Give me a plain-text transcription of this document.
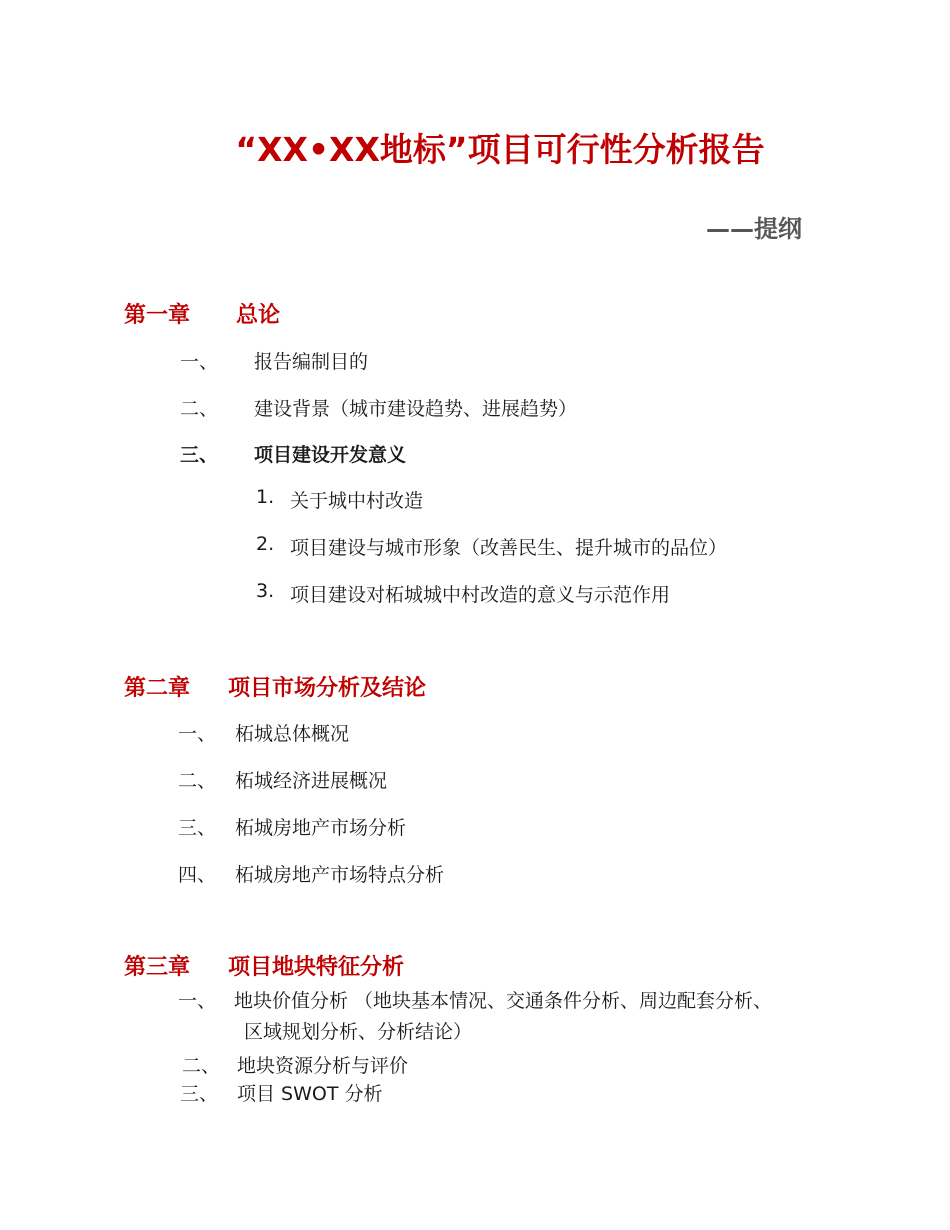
“XX•XX地标”项目可行性分析报告
——提纲
第一章 总论
一、 报告编制目的
二、 建设背景（城市建设趋势、进展趋势）
三、 项目建设开发意义
1. 关于城中村改造
2. 项目建设与城市形象（改善民生、提升城市的品位）
3. 项目建设对柘城城中村改造的意义与示范作用
第二章 项目市场分析及结论
一、 柘城总体概况
二、 柘城经济进展概况
三、 柘城房地产市场分析
四、 柘城房地产市场特点分析
第三章 项目地块特征分析
一、 地块价值分析 （地块基本情况、交通条件分析、周边配套分析、
区域规划分析、分析结论）
二、 地块资源分析与评价
三、 项目 SWOT 分析
